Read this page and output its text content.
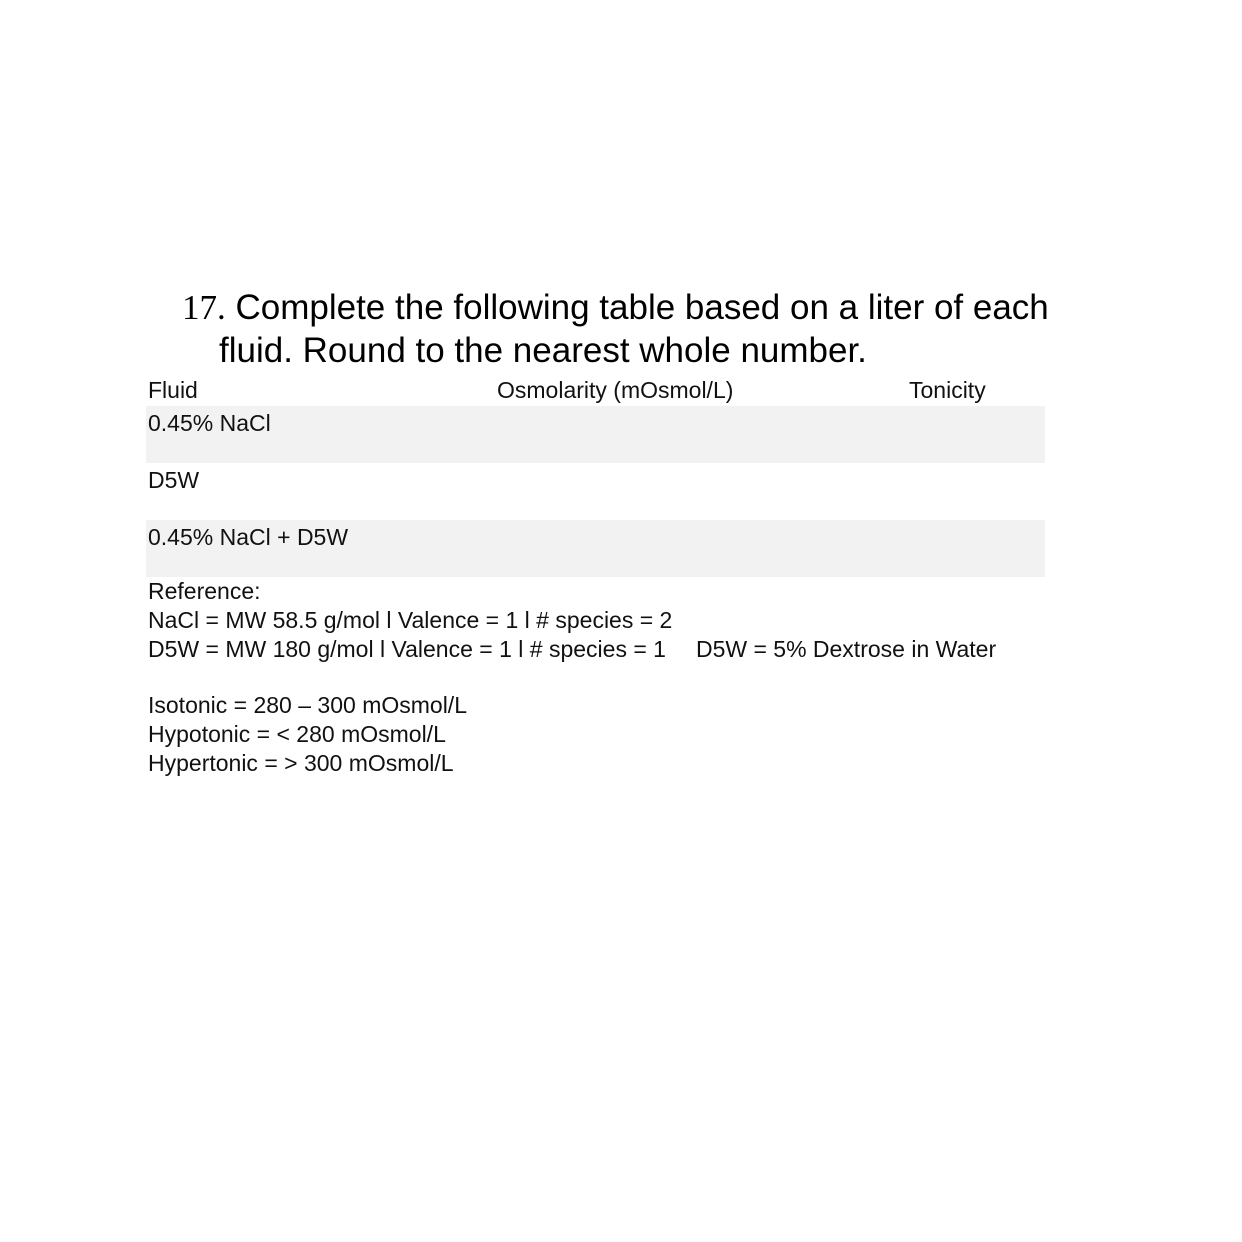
17. Complete the following table based on a liter of each
fluid. Round to the nearest whole number.
Fluid	Osmolarity (mOsmol/L)	Tonicity
0.45% NaCl
D5W
0.45% NaCl + D5W
Reference:
NaCl = MW 58.5 g/mol l Valence = 1 l # species = 2
D5W = MW 180 g/mol l Valence = 1 l # species = 1 D5W = 5% Dextrose in Water
Isotonic = 280 – 300 mOsmol/L
Hypotonic = < 280 mOsmol/L
Hypertonic = > 300 mOsmol/L
